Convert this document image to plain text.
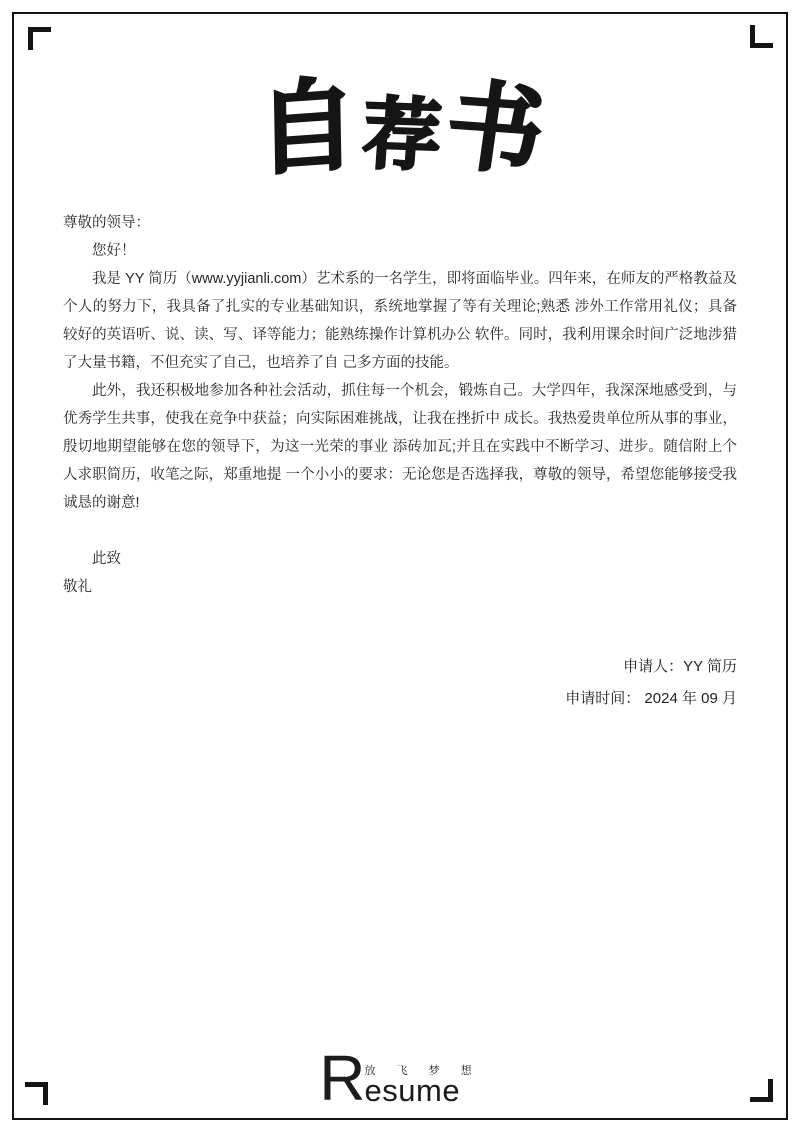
自 荐
书

尊敬的领导：

您好！

我是 YY 简历（www.yyjianli.com）艺术系的一名学生，即将面临毕业。四年来，在师友的严格教益及个人的努力下，我具备了扎实的专业基础知识，系统地掌握了等有关理论;熟悉 涉外工作常用礼仪；具备较好的英语听、说、读、写、译等能力；能熟练操作计算机办公 软件。同时，我利用课余时间广泛地涉猎了大量书籍，不但充实了自己，也培养了自 己多方面的技能。

此外，我还积极地参加各种社会活动，抓住每一个机会，锻炼自己。大学四年，我深深地感受到，与优秀学生共事，使我在竞争中获益；向实际困难挑战，让我在挫折中 成长。我热爱贵单位所从事的事业，殷切地期望能够在您的领导下，为这一光荣的事业 添砖加瓦;并且在实践中不断学习、进步。随信附上个人求职简历，收笔之际，郑重地提 一个小小的要求：无论您是否选择我，尊敬的领导，希望您能够接受我诚恳的谢意!

此致

敬礼

申请人：YY 简历
申请时间： 2024 年 09 月
R 放 飞 梦 想
esume
